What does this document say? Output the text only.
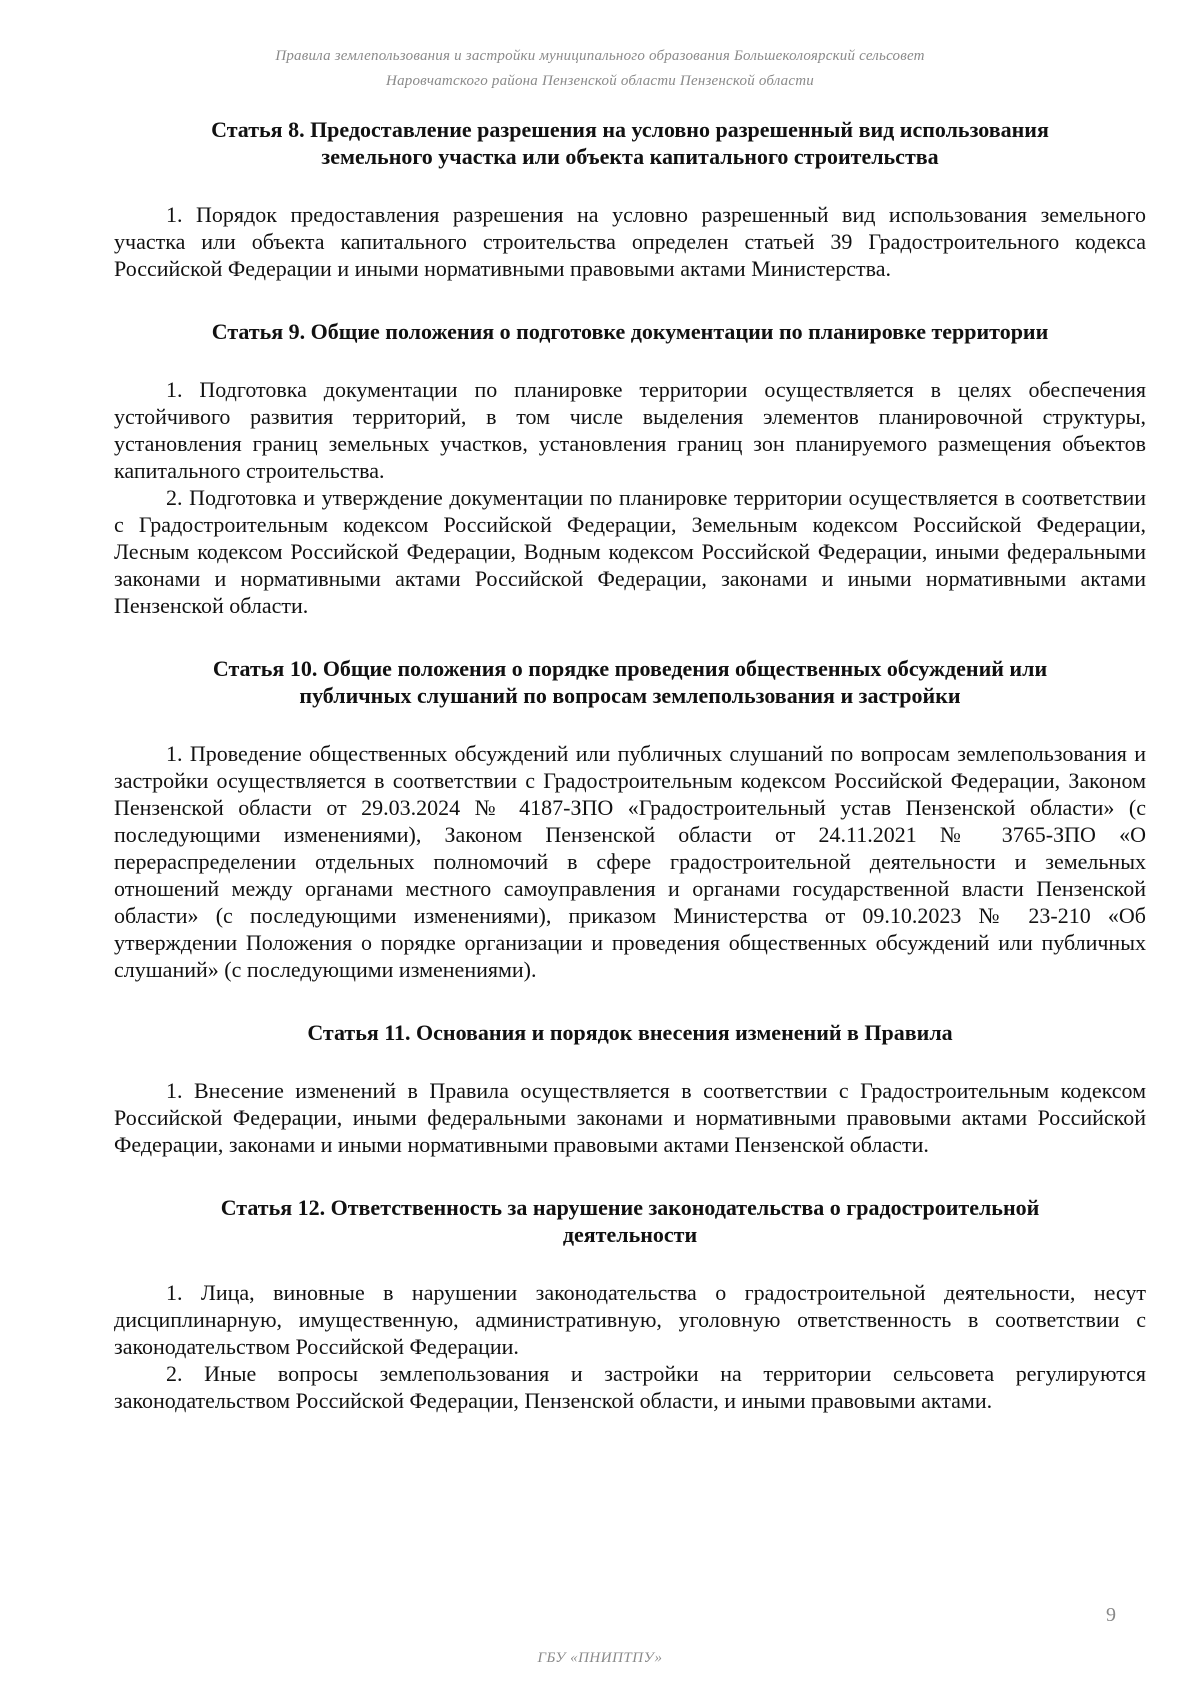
Правила землепользования и застройки муниципального образования Большеколоярский сельсовет
Наровчатского района Пензенской области Пензенской области
Статья 8. Предоставление разрешения на условно разрешенный вид использования земельного участка или объекта капитального строительства

1. Порядок предоставления разрешения на условно разрешенный вид использования земельного участка или объекта капитального строительства определен статьей 39 Градостроительного кодекса Российской Федерации и иными нормативными правовыми актами Министерства.

Статья 9. Общие положения о подготовке документации по планировке территории

1. Подготовка документации по планировке территории осуществляется в целях обеспечения устойчивого развития территорий, в том числе выделения элементов планировочной структуры, установления границ земельных участков, установления границ зон планируемого размещения объектов капитального строительства.

2. Подготовка и утверждение документации по планировке территории осуществляется в соответствии с Градостроительным кодексом Российской Федерации, Земельным кодексом Российской Федерации, Лесным кодексом Российской Федерации, Водным кодексом Российской Федерации, иными федеральными законами и нормативными актами Российской Федерации, законами и иными нормативными актами Пензенской области.

Статья 10. Общие положения о порядке проведения общественных обсуждений или публичных слушаний по вопросам землепользования и застройки

1. Проведение общественных обсуждений или публичных слушаний по вопросам землепользования и застройки осуществляется в соответствии с Градостроительным кодексом Российской Федерации, Законом Пензенской области от 29.03.2024 № 4187-ЗПО «Градостроительный устав Пензенской области» (с последующими изменениями), Законом Пензенской области от 24.11.2021 № 3765-ЗПО «О перераспределении отдельных полномочий в сфере градостроительной деятельности и земельных отношений между органами местного самоуправления и органами государственной власти Пензенской области» (с последующими изменениями), приказом Министерства от 09.10.2023 № 23-210 «Об утверждении Положения о порядке организации и проведения общественных обсуждений или публичных слушаний» (с последующими изменениями).

Статья 11. Основания и порядок внесения изменений в Правила

1. Внесение изменений в Правила осуществляется в соответствии с Градостроительным кодексом Российской Федерации, иными федеральными законами и нормативными правовыми актами Российской Федерации, законами и иными нормативными правовыми актами Пензенской области.

Статья 12. Ответственность за нарушение законодательства о градостроительной деятельности

1. Лица, виновные в нарушении законодательства о градостроительной деятельности, несут дисциплинарную, имущественную, административную, уголовную ответственность в соответствии с законодательством Российской Федерации.

2. Иные вопросы землепользования и застройки на территории сельсовета регулируются законодательством Российской Федерации, Пензенской области, и иными правовыми актами.

9
ГБУ «ПНИПТПУ»
